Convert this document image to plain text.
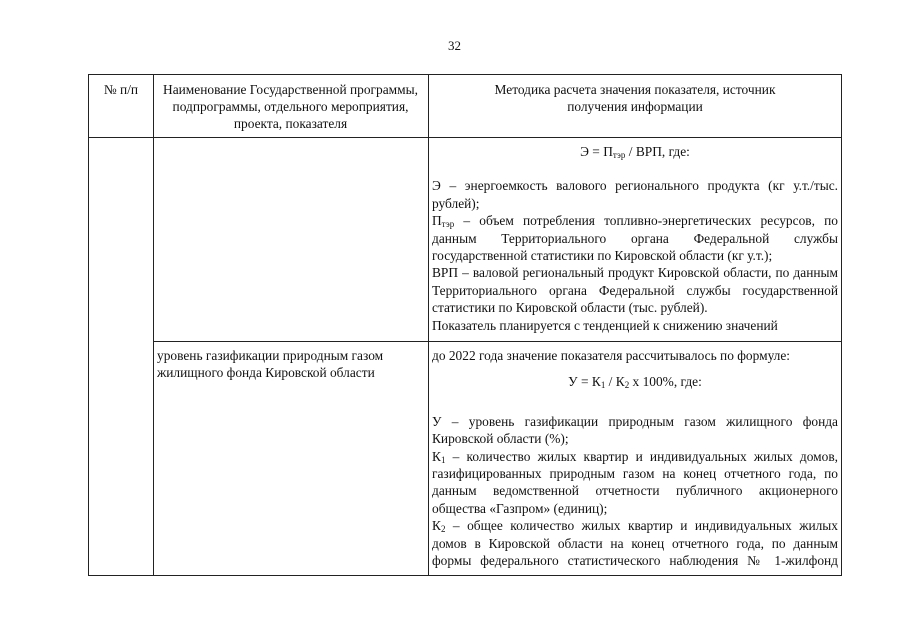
32
№ п/п	Наименование Государственной программы, подпрограммы, отдельного мероприятия, проекта, показателя
Методика расчета значения показателя, источник получения информации
$Э = П_{тэр}$ / ВРП, где:
Э – энергоемкость валового регионального продукта (кг у.т./тыс. рублей);
$П_{тэр}$ – объем потребления топливно-энергетических ресурсов, по данным Территориального органа Федеральной службы государственной статистики по Кировской области (кг у.т.);
ВРП – валовой региональный продукт Кировской области, по данным Территориального органа Федеральной службы государственной статистики по Кировской области (тыс. рублей).
Показатель планируется с тенденцией к снижению значений
уровень газификации природным газом жилищного фонда Кировской области
до 2022 года значение показателя рассчитывалось по формуле:
$У = К_1 / К_2$ х 100%, где:
У – уровень газификации природным газом жилищного фонда Кировской области (%);
$К_1$ – количество жилых квартир и индивидуальных жилых домов, газифицированных природным газом на конец отчетного года, по данным ведомственной отчетности публичного акционерного общества «Газпром» (единиц);
$К_2$ – общее количество жилых квартир и индивидуальных жилых домов в Кировской области на конец отчетного года, по данным формы федерального статистического наблюдения № 1-жилфонд
